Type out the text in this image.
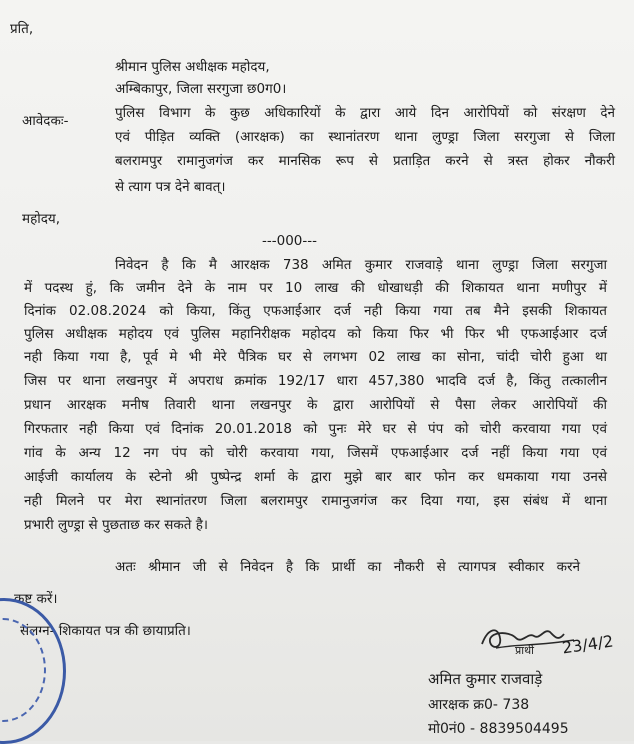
प्रति,
श्रीमान पुलिस अधीक्षक महोदय,
अम्बिकापुर, जिला सरगुजा छ0ग0।
आवेदकः-	पुलिस विभाग के कुछ अधिकारियों के द्वारा आये दिन आरोपियों को संरक्षण देने
एवं पीड़ित व्यक्ति (आरक्षक) का स्थानांतरण थाना लुण्ड्रा जिला सरगुजा से जिला
बलरामपुर रामानुजगंज कर मानसिक रूप से प्रताड़ित करने से त्रस्त होकर नौकरी
से त्याग पत्र देने बावत्।
महोदय,
---000---
निवेदन है कि मै आरक्षक 738 अमित कुमार राजवाड़े थाना लुण्ड्रा जिला सरगुजा
में पदस्थ हुं, कि जमीन देने के नाम पर 10 लाख की धोखाधड़ी की शिकायत थाना मणीपुर में
दिनांक 02.08.2024 को किया, किंतु एफआईआर दर्ज नही किया गया तब मैने इसकी शिकायत
पुलिस अधीक्षक महोदय एवं पुलिस महानिरीक्षक महोदय को किया फिर भी फिर भी एफआईआर दर्ज
नही किया गया है, पूर्व मे भी मेरे पैत्रिक घर से लगभग 02 लाख का सोना, चांदी चोरी हुआ था
जिस पर थाना लखनपुर में अपराध क्रमांक 192/17 धारा 457,380 भादवि दर्ज है, किंतु तत्कालीन
प्रधान आरक्षक मनीष तिवारी थाना लखनपुर के द्वारा आरोपियों से पैसा लेकर आरोपियों की
गिरफतार नही किया एवं दिनांक 20.01.2018 को पुनः मेरे घर से पंप को चोरी करवाया गया एवं
गांव के अन्य 12 नग पंप को चोरी करवाया गया, जिसमें एफआईआर दर्ज नहीं किया गया एवं
आईजी कार्यालय के स्टेनो श्री पुष्पेन्द्र शर्मा के द्वारा मुझे बार बार फोन कर धमकाया गया उनसे
नही मिलने पर मेरा स्थानांतरण जिला बलरामपुर रामानुजगंज कर दिया गया, इस संबंध में थाना
प्रभारी लुण्ड्रा से पुछताछ कर सकते है।
अतः श्रीमान जी से निवेदन है कि प्रार्थी का नौकरी से त्यागपत्र स्वीकार करने
कष्ट करें।
संलग्न- शिकायत पत्र की छायाप्रति।
23/4/2
प्रार्थी
अमित कुमार राजवाड़े
आरक्षक क्र0- 738
मो0नं0 - 8839504495
